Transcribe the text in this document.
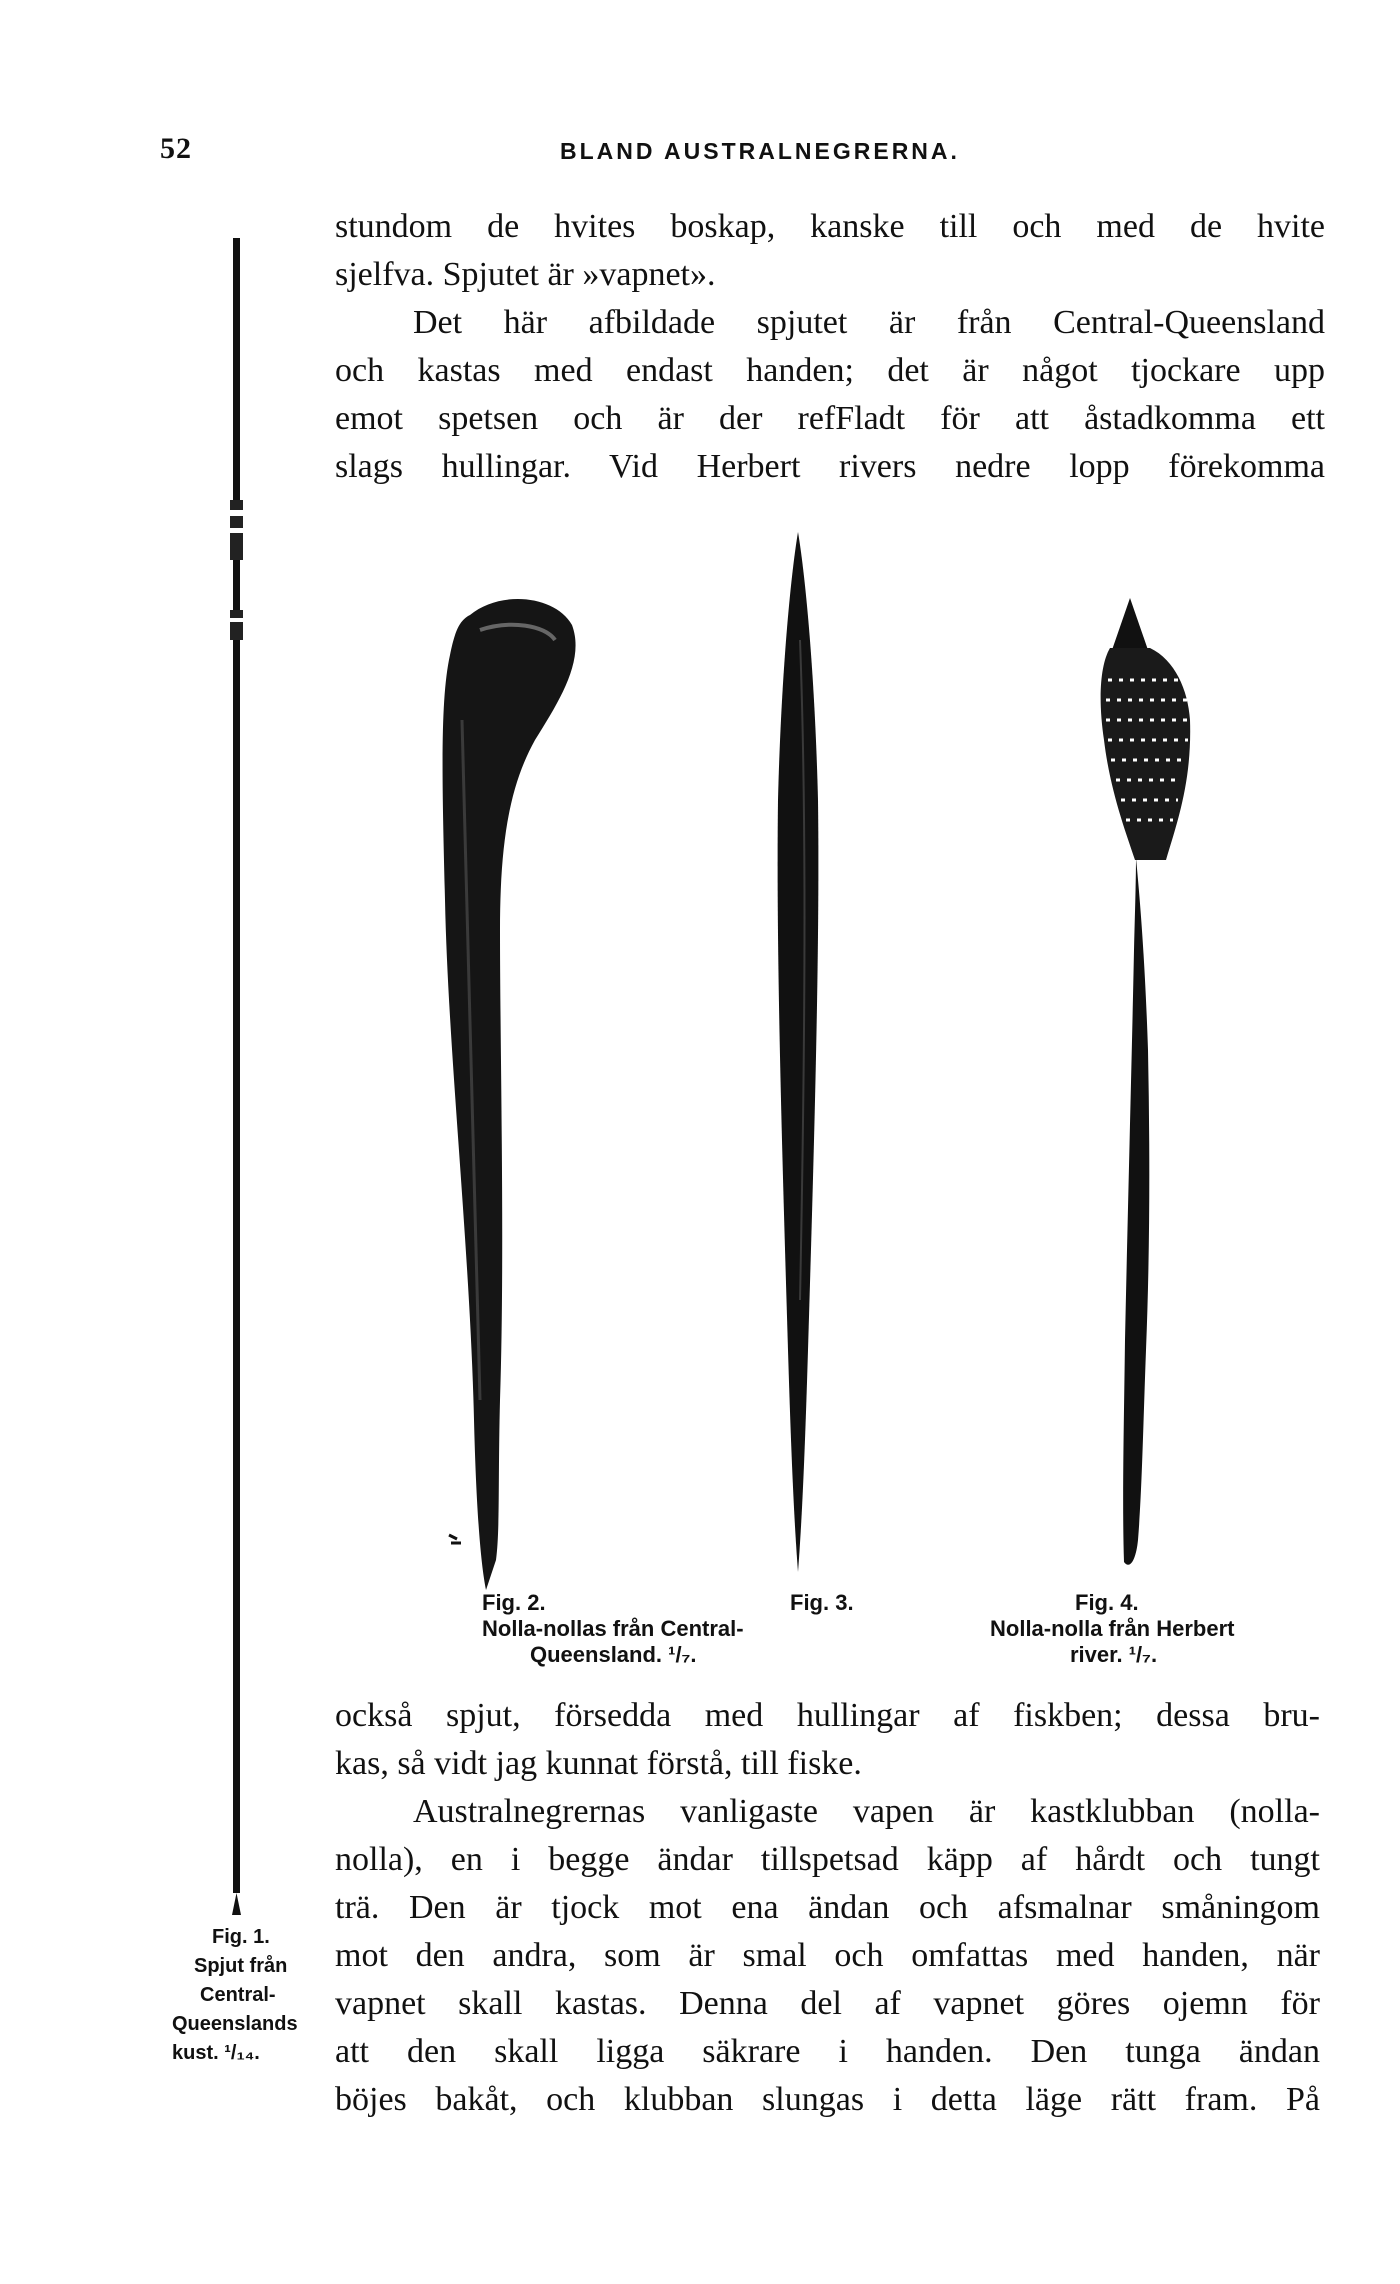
52	BLAND AUSTRALNEGRERNA.
stundom de hvites boskap, kanske till och med de hvite
sjelfva. Spjutet är »vapnet».
Det här afbildade spjutet är från Central-Queensland
och kastas med endast handen; det är något tjockare upp
emot spetsen och är der refFladt för att åstadkomma ett
slags hullingar. Vid Herbert rivers nedre lopp förekomma
Fig. 2.	Fig. 3.
Nolla-nollas från Central-
Queensland. ¹/₇.
Fig. 4.
Nolla-nolla från Herbert
river. ¹/₇.
Fig. 1.
Spjut från
Central-
Queenslands
kust. ¹/₁₄.
också spjut, försedda med hullingar af fiskben; dessa bru-
kas, så vidt jag kunnat förstå, till fiske.
Australnegrernas vanligaste vapen är kastklubban (nolla-
nolla), en i begge ändar tillspetsad käpp af hårdt och tungt
trä. Den är tjock mot ena ändan och afsmalnar småningom
mot den andra, som är smal och omfattas med handen, när
vapnet skall kastas. Denna del af vapnet göres ojemn för
att den skall ligga säkrare i handen. Den tunga ändan
böjes bakåt, och klubban slungas i detta läge rätt fram. På
